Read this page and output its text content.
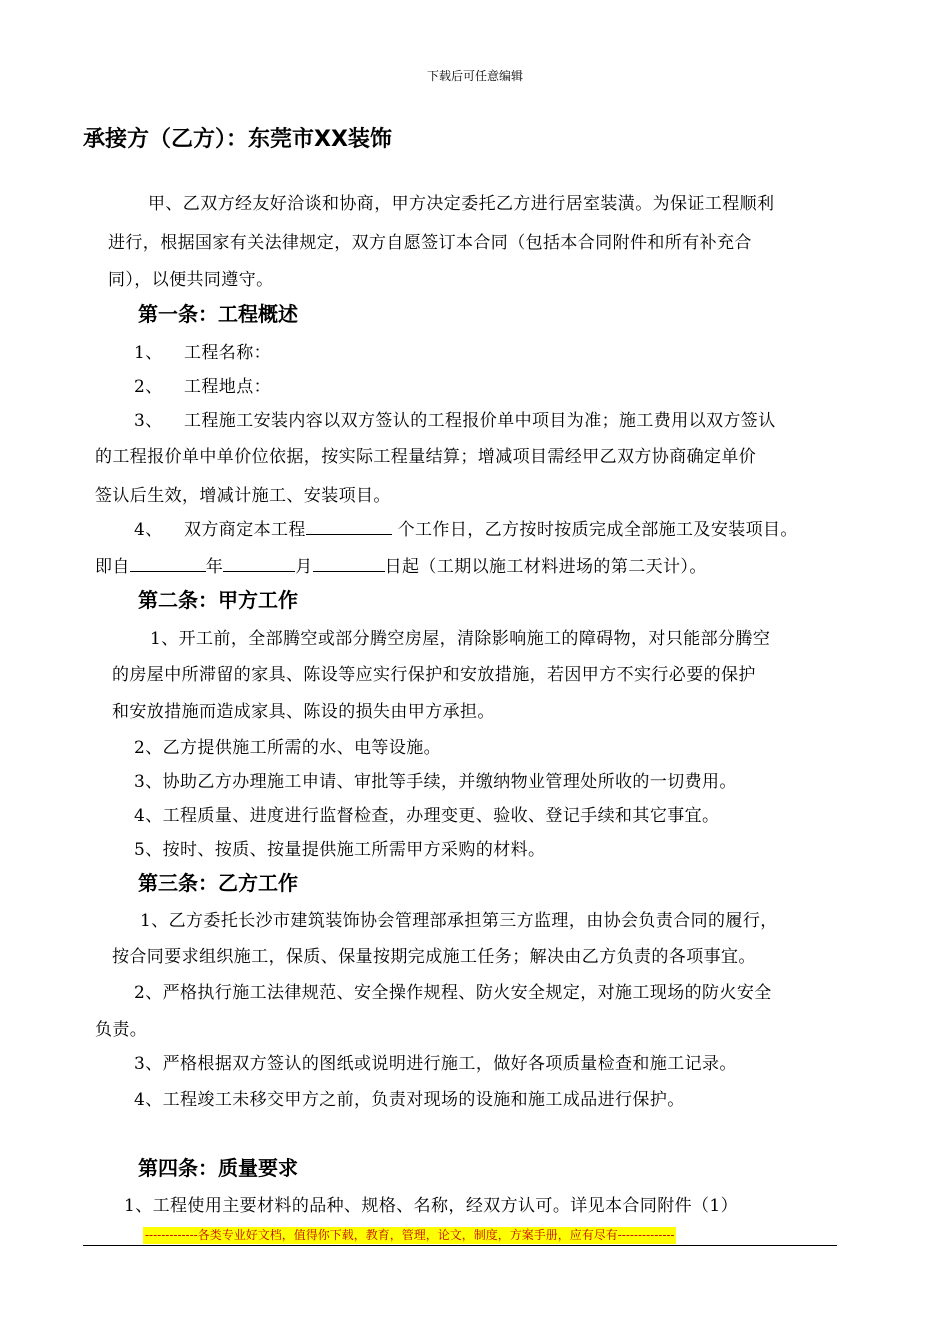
下载后可任意编辑
承接方（乙方）：东莞市XX装饰
甲、乙双方经友好洽谈和协商，甲方决定委托乙方进行居室装潢。为保证工程顺利
进行，根据国家有关法律规定，双方自愿签订本合同（包括本合同附件和所有补充合
同），以便共同遵守。
第一条：工程概述
1、 工程名称：
2、 工程地点：
3、 工程施工安装内容以双方签认的工程报价单中项目为准；施工费用以双方签认
的工程报价单中单价位依据，按实际工程量结算；增减项目需经甲乙双方协商确定单价
签认后生效，增减计施工、安装项目。
4、 双方商定本工程	个工作日，乙方按时按质完成全部施工及安装项目。
即自	年	月	日起（工期以施工材料进场的第二天计）。
第二条：甲方工作
1、开工前，全部腾空或部分腾空房屋，清除影响施工的障碍物，对只能部分腾空
的房屋中所滞留的家具、陈设等应实行保护和安放措施，若因甲方不实行必要的保护
和安放措施而造成家具、陈设的损失由甲方承担。
2、乙方提供施工所需的水、电等设施。
3、协助乙方办理施工申请、审批等手续，并缴纳物业管理处所收的一切费用。
4、工程质量、进度进行监督检查，办理变更、验收、登记手续和其它事宜。
5、按时、按质、按量提供施工所需甲方采购的材料。
第三条：乙方工作
1、乙方委托长沙市建筑装饰协会管理部承担第三方监理，由协会负责合同的履行，
按合同要求组织施工，保质、保量按期完成施工任务；解决由乙方负责的各项事宜。
2、严格执行施工法律规范、安全操作规程、防火安全规定，对施工现场的防火安全
负责。
3、严格根据双方签认的图纸或说明进行施工，做好各项质量检查和施工记录。
4、工程竣工未移交甲方之前，负责对现场的设施和施工成品进行保护。
第四条：质量要求
1、工程使用主要材料的品种、规格、名称，经双方认可。详见本合同附件（1）
-------------各类专业好文档，值得你下载，教育，管理，论文，制度，方案手册，应有尽有--------------
